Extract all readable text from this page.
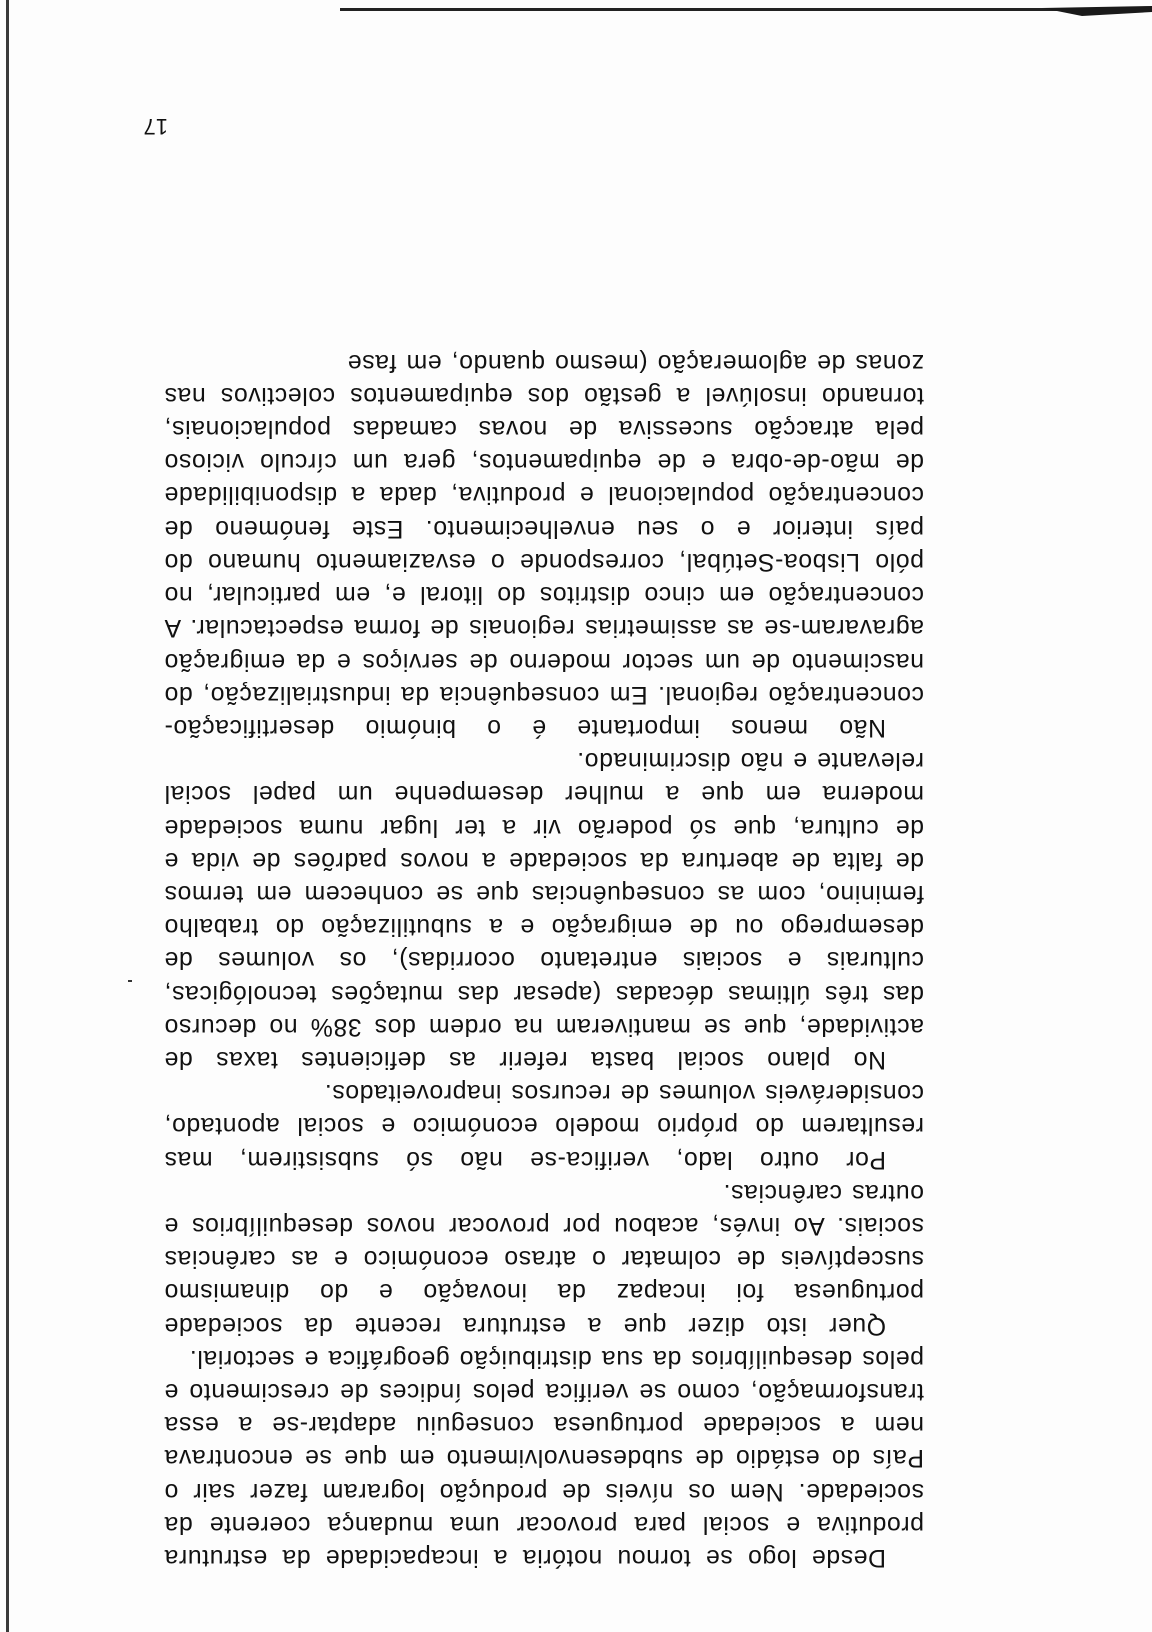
Desde logo se tornou notória a incapacidade da estrutura produtiva e social para provocar uma mudança coerente da sociedade. Nem os níveis de produção lograram fazer sair o País do estádio de subdesenvolvimento em que se encontrava nem a sociedade portuguesa conseguiu adaptar-se a essa transformação, como se verifica pelos índices de crescimento e pelos desequilíbrios da sua distribuição geográfica e sectorial.

Quer isto dizer que a estrutura recente da sociedade portuguesa foi incapaz da inovação e do dinamismo susceptíveis de colmatar o atraso económico e as carências sociais. Ao invés, acabou por provocar novos desequilíbrios e outras carências.

Por outro lado, verifica-se não só subsistirem, mas resultarem do próprio modelo económico e social apontado, consideráveis volumes de recursos inaproveitados.

No plano social basta referir as deficientes taxas de actividade, que se mantiveram na ordem dos 38% no decurso das três últimas décadas (apesar das mutações tecnológicas, culturais e sociais entretanto ocorridas), os volumes de desemprego ou de emigração e a subutilização do trabalho feminino, com as consequências que se conhecem em termos de falta de abertura da sociedade a novos padrões de vida e de cultura, que só poderão vir a ter lugar numa sociedade moderna em que a mulher desempenhe um papel social relevante e não discriminado.

Não menos importante é o binómio desertificação-concentração regional. Em consequência da industrialização, do nascimento de um sector moderno de serviços e da emigração agravaram-se as assimetrias regionais de forma espectacular. A concentração em cinco distritos do litoral e, em particular, no pólo Lisboa-Setúbal, corresponde o esvaziamento humano do país interior e o seu envelhecimento. Este fenómeno de concentração populacional e produtiva, dada a disponibilidade de mão-de-obra e de equipamentos, gera um círculo vicioso pela atracção sucessiva de novas camadas populacionais, tornando insolúvel a gestão dos equipamentos colectivos nas zonas de aglomeração (mesmo quando, em fase

17
